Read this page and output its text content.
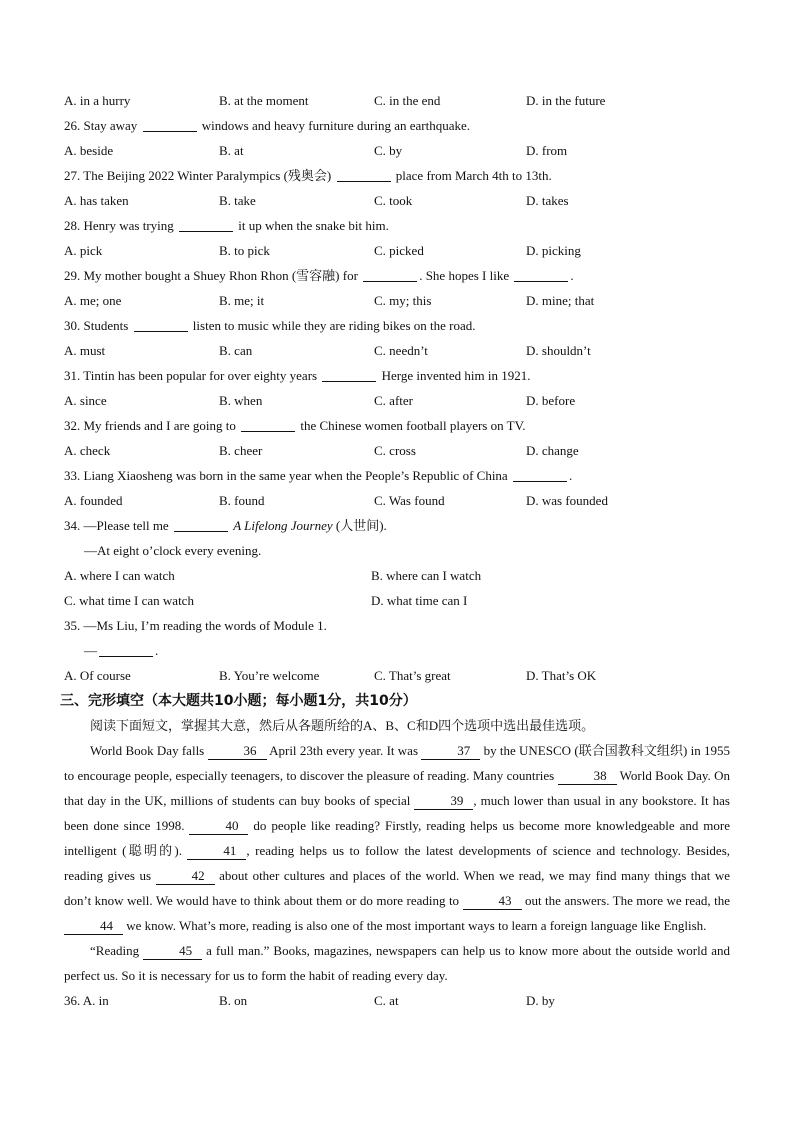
A. in a hurry	B. at the moment	C. in the end	D. in the future
26. Stay away	windows and heavy furniture during an earthquake.
A. beside	B. at	C. by	D. from
27. The Beijing 2022 Winter Paralympics (残奥会)	place from March 4th to 13th.
A. has taken	B. take	C. took	D. takes
28. Henry was trying	it up when the snake bit him.
A. pick	B. to pick	C. picked	D. picking
29. My mother bought a Shuey Rhon Rhon (雪容融) for	. She hopes I like	.
A. me; one	B. me; it	C. my; this	D. mine; that
30. Students	listen to music while they are riding bikes on the road.
A. must	B. can	C. needn’t	D. shouldn’t
31. Tintin has been popular for over eighty years	Herge invented him in 1921.
A. since	B. when	C. after	D. before
32. My friends and I are going to	the Chinese women football players on TV.
A. check	B. cheer	C. cross	D. change
33. Liang Xiaosheng was born in the same year when the People’s Republic of China	.
A. founded	B. found	C. Was found	D. was founded
34. —Please tell me	A Lifelong Journey (人世间).
—At eight o’clock every evening.
A. where I can watch	B. where can I watch
C. what time I can watch	D. what time can I
35. —Ms Liu, I’m reading the words of Module 1.
—	.
A. Of course	B. You’re welcome	C. That’s great	D. That’s OK
三、完形填空（本大题共10小题；每小题1分，共10分）
阅读下面短文，掌握其大意，然后从各题所给的A、B、C和D四个选项中选出最佳选项。

World Book Day falls	36 April 23th every year. It was	37 by the UNESCO (联合国教科文组织) in 1955 to encourage people, especially teenagers, to discover the pleasure of reading. Many countries	38 World Book Day. On that day in the UK, millions of students can buy books of special	39 , much lower than usual in any bookstore. It has been done since 1998.	40 do people like reading? Firstly, reading helps us become more knowledgeable and more intelligent (聪明的).	41 , reading helps us to follow the latest developments of science and technology. Besides, reading gives us	42 about other cultures and places of the world. When we read, we may find many things that we don’t know well. We would have to think about them or do more reading to	43 out the answers. The more we read, the 44 we know. What’s more, reading is also one of the most important ways to learn a foreign language like English.

“Reading	45 a full man.” Books, magazines, newspapers can help us to know more about the outside world and perfect us. So it is necessary for us to form the habit of reading every day.

36. A. in	B. on	C. at	D. by
